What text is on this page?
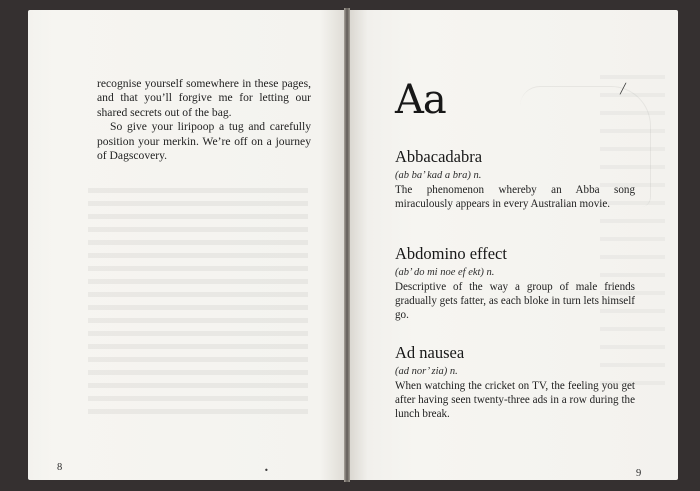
recognise yourself somewhere in these pages, and that you’ll forgive me for letting our shared secrets out of the bag.

So give your liripoop a tug and carefully position your merkin. We’re off on a journey of Dagscovery.

8
Aa
Abbacadabra
(ab ba’ kad a bra) n.
The phenomenon whereby an Abba song miraculously appears in every Australian movie.
Abdomino effect
(ab’ do mi noe ef ekt) n.
Descriptive of the way a group of male friends gradually gets fatter, as each bloke in turn lets himself go.
Ad nausea
(ad nor’ zia) n.
When watching the cricket on TV, the feeling you get after having seen twenty-three ads in a row during the lunch break.
9
╱
•
